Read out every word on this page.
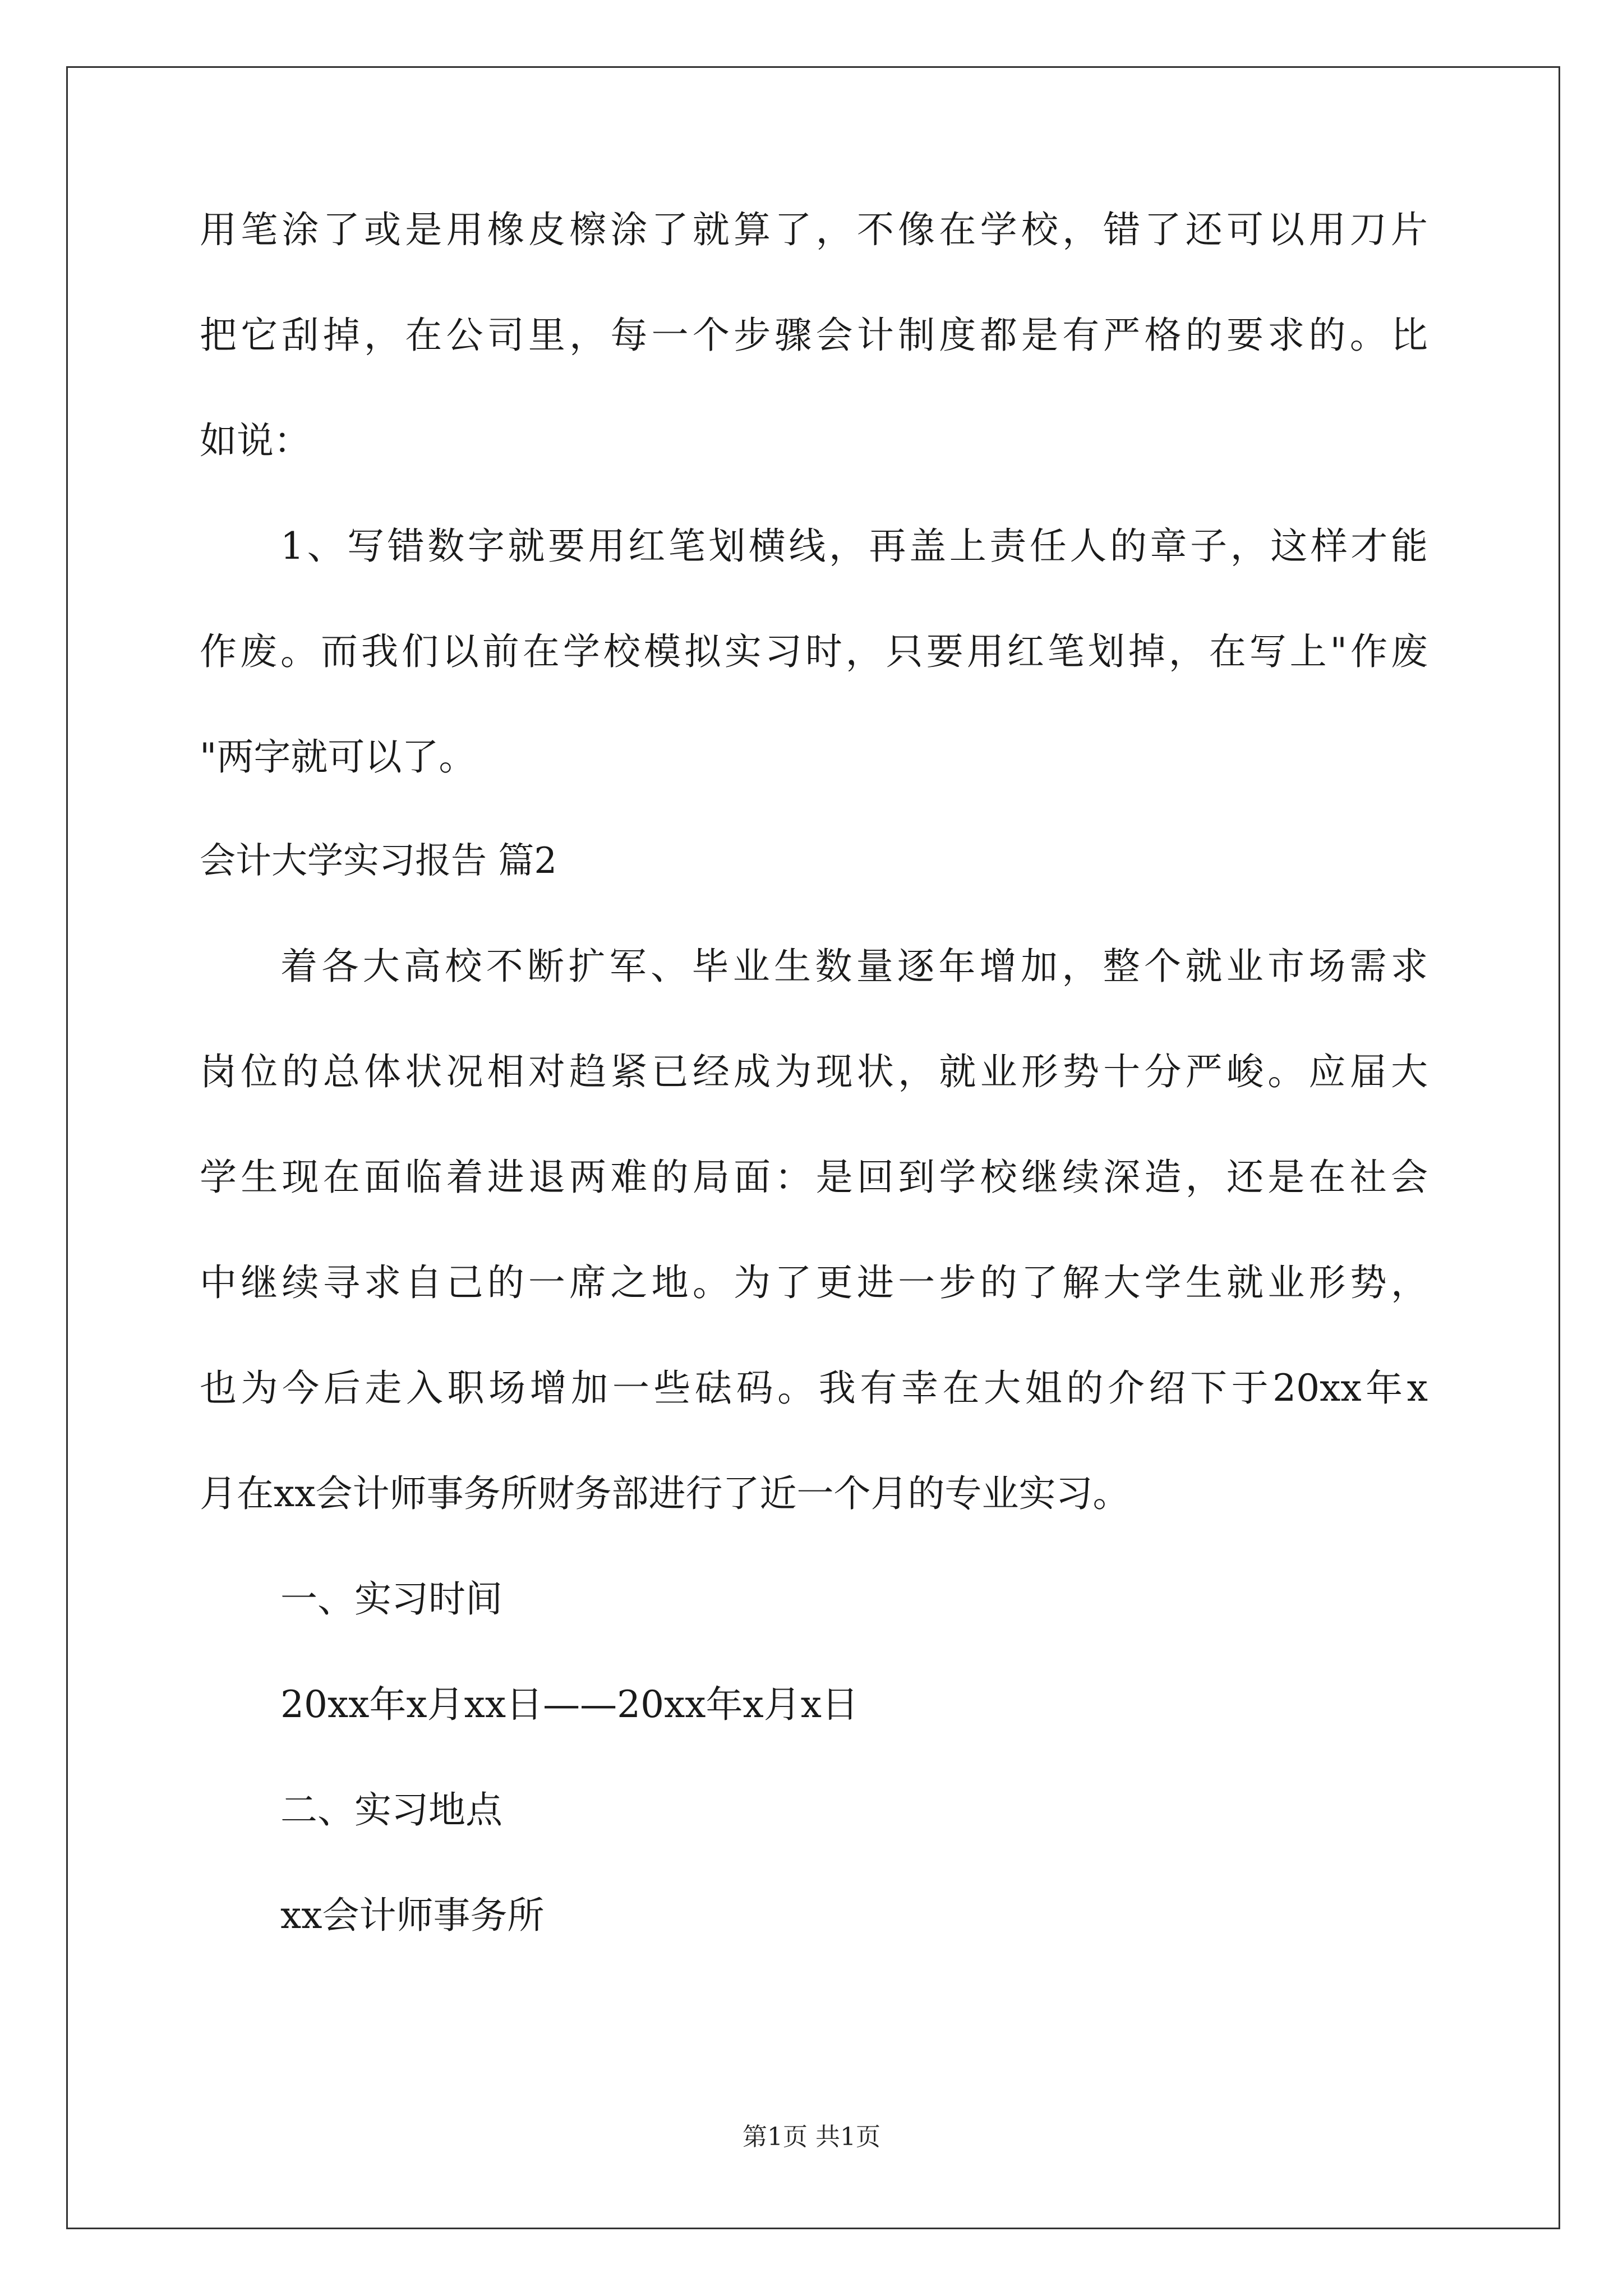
用笔涂了或是用橡皮檫涂了就算了，不像在学校，错了还可以用刀片
把它刮掉，在公司里，每一个步骤会计制度都是有严格的要求的。比
如说：
1、写错数字就要用红笔划横线，再盖上责任人的章子，这样才能
作废。而我们以前在学校模拟实习时，只要用红笔划掉，在写上"作废
"两字就可以了。
会计大学实习报告 篇2
着各大高校不断扩军、毕业生数量逐年增加，整个就业市场需求
岗位的总体状况相对趋紧已经成为现状，就业形势十分严峻。应届大
学生现在面临着进退两难的局面：是回到学校继续深造，还是在社会
中继续寻求自己的一席之地。为了更进一步的了解大学生就业形势，
也为今后走入职场增加一些砝码。我有幸在大姐的介绍下于20xx年x
月在xx会计师事务所财务部进行了近一个月的专业实习。
一、实习时间
20xx年x月xx日——20xx年x月x日
二、实习地点
xx会计师事务所
第1页 共1页
